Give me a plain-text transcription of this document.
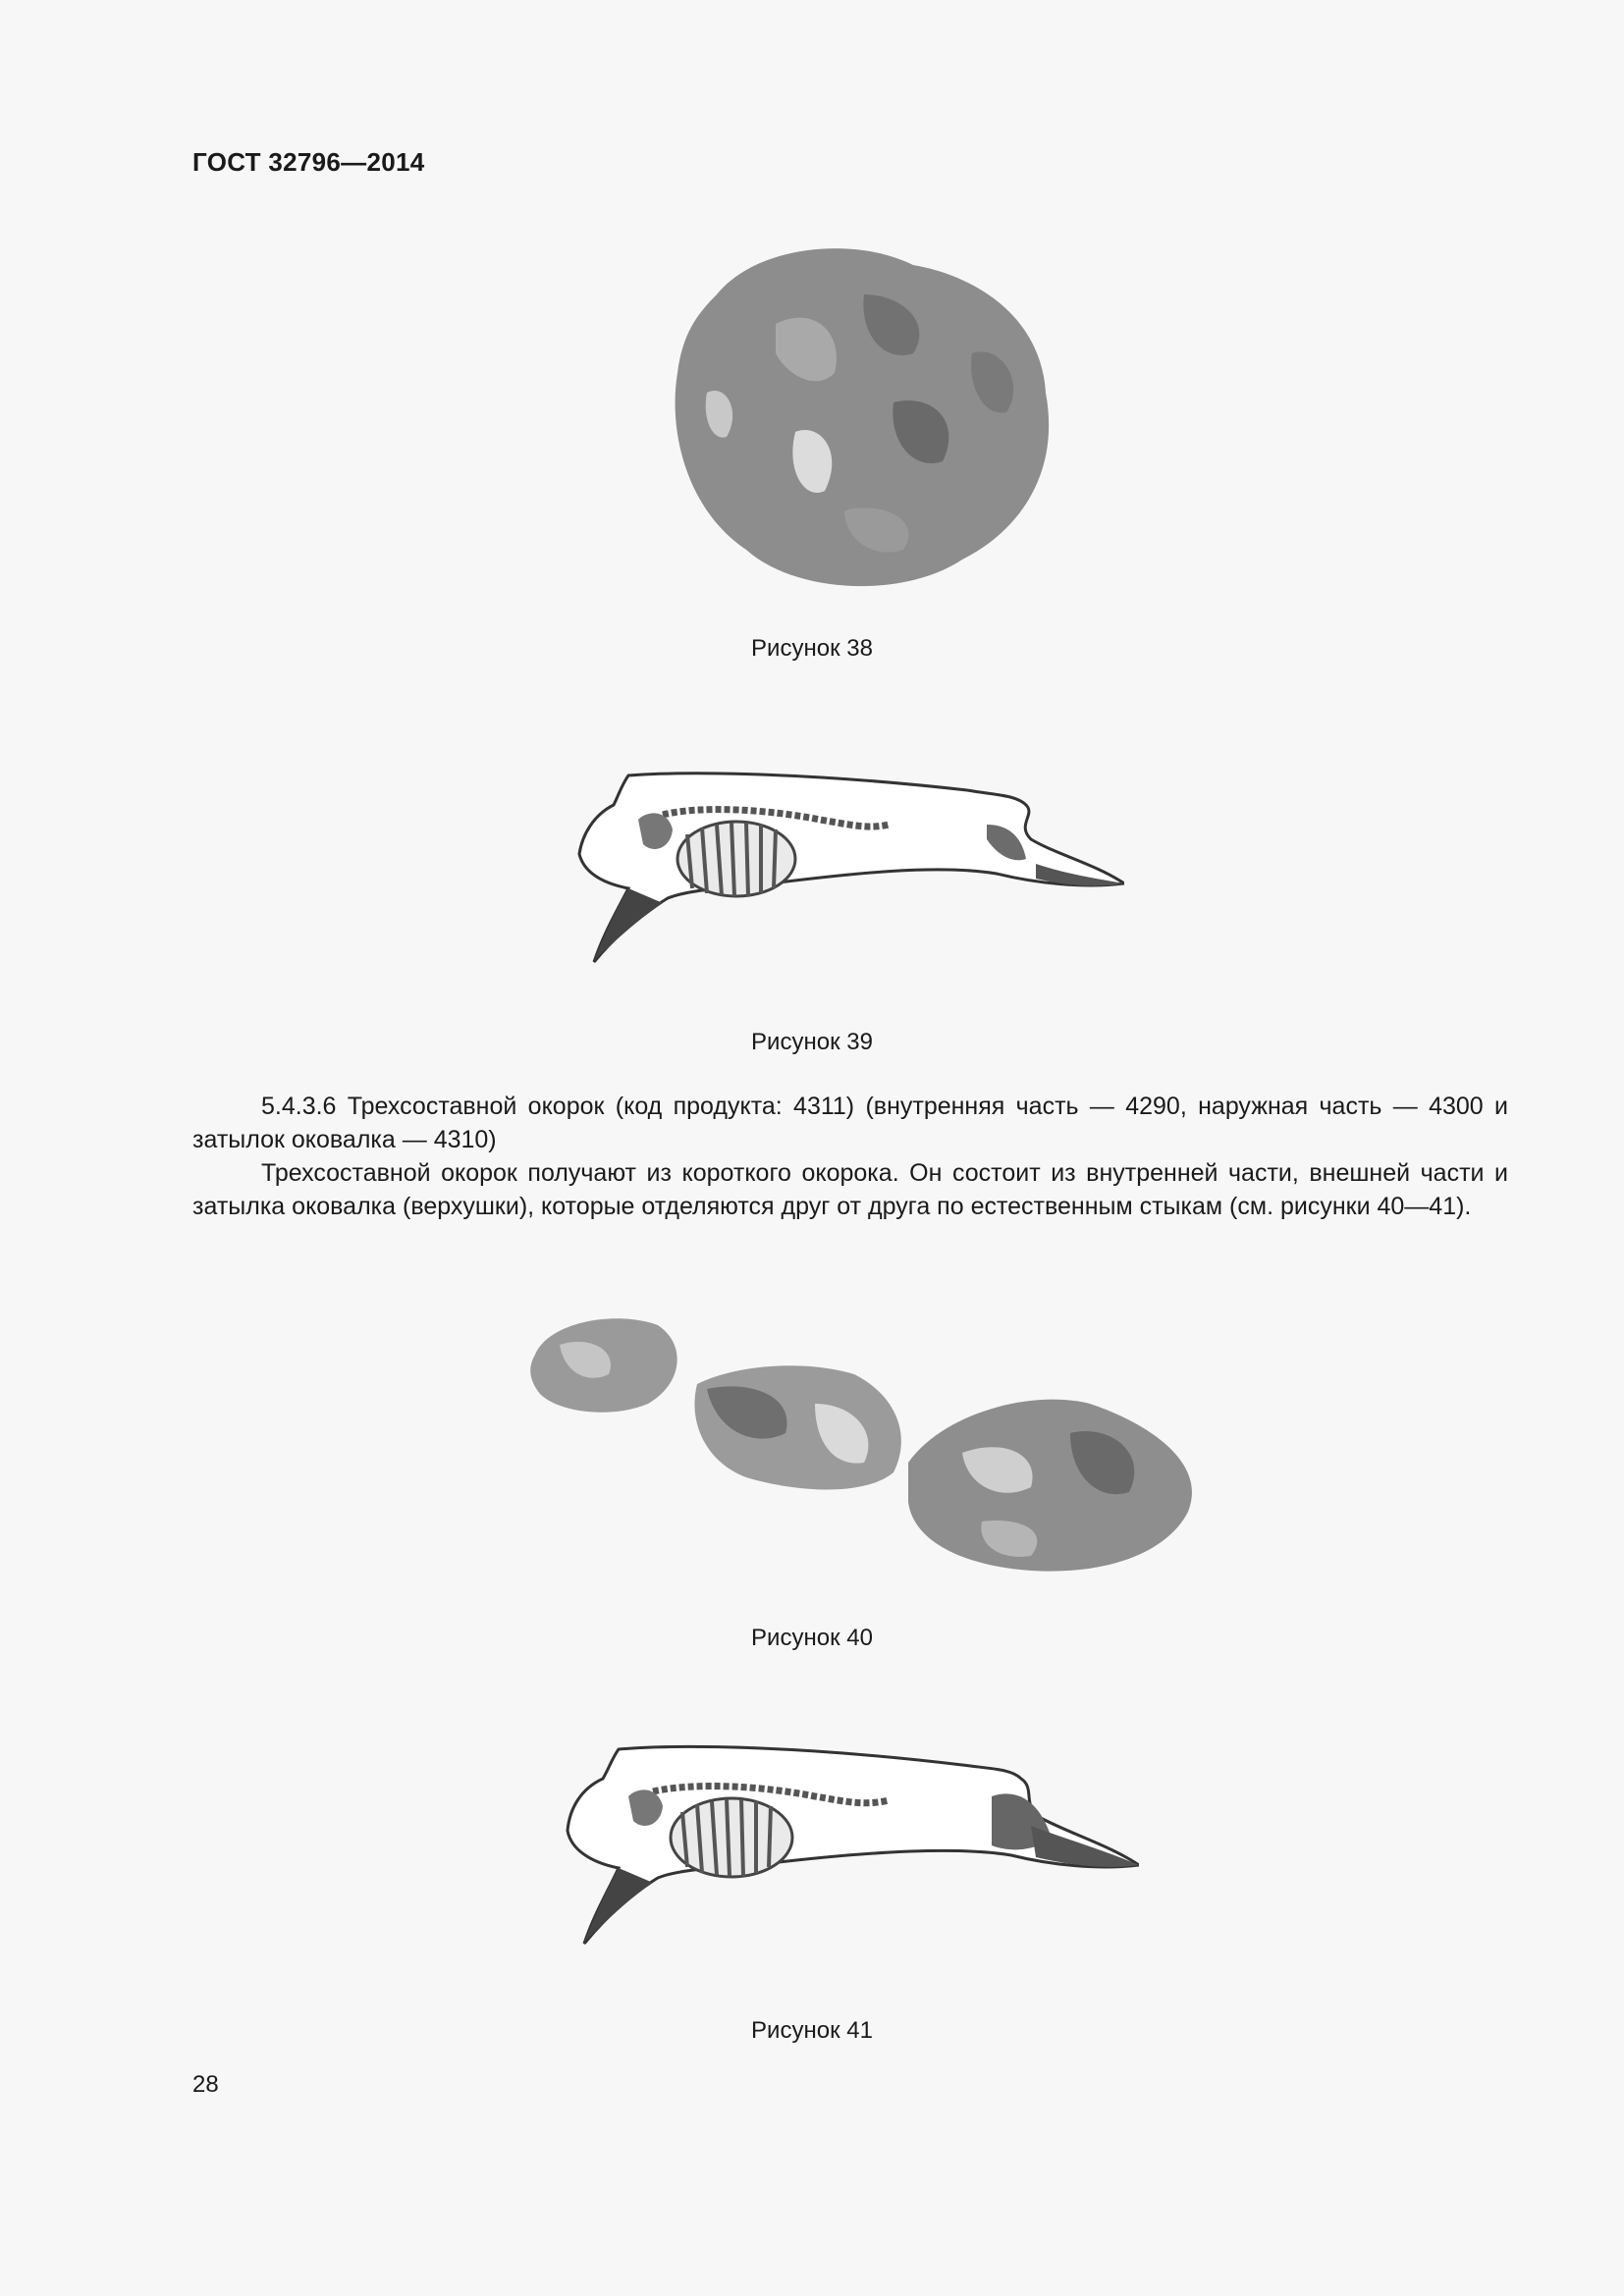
ГОСТ 32796—2014
Рисунок 38
Рисунок 39

5.4.3.6 Трехсоставной окорок (код продукта: 4311) (внутренняя часть — 4290, наружная часть — 4300 и затылок оковалка — 4310)

Трехсоставной окорок получают из короткого окорока. Он состоит из внутренней части, внешней части и затылка оковалка (верхушки), которые отделяются друг от друга по естественным стыкам (см. рисунки 40—41).

Рисунок 40
Рисунок 41
28
